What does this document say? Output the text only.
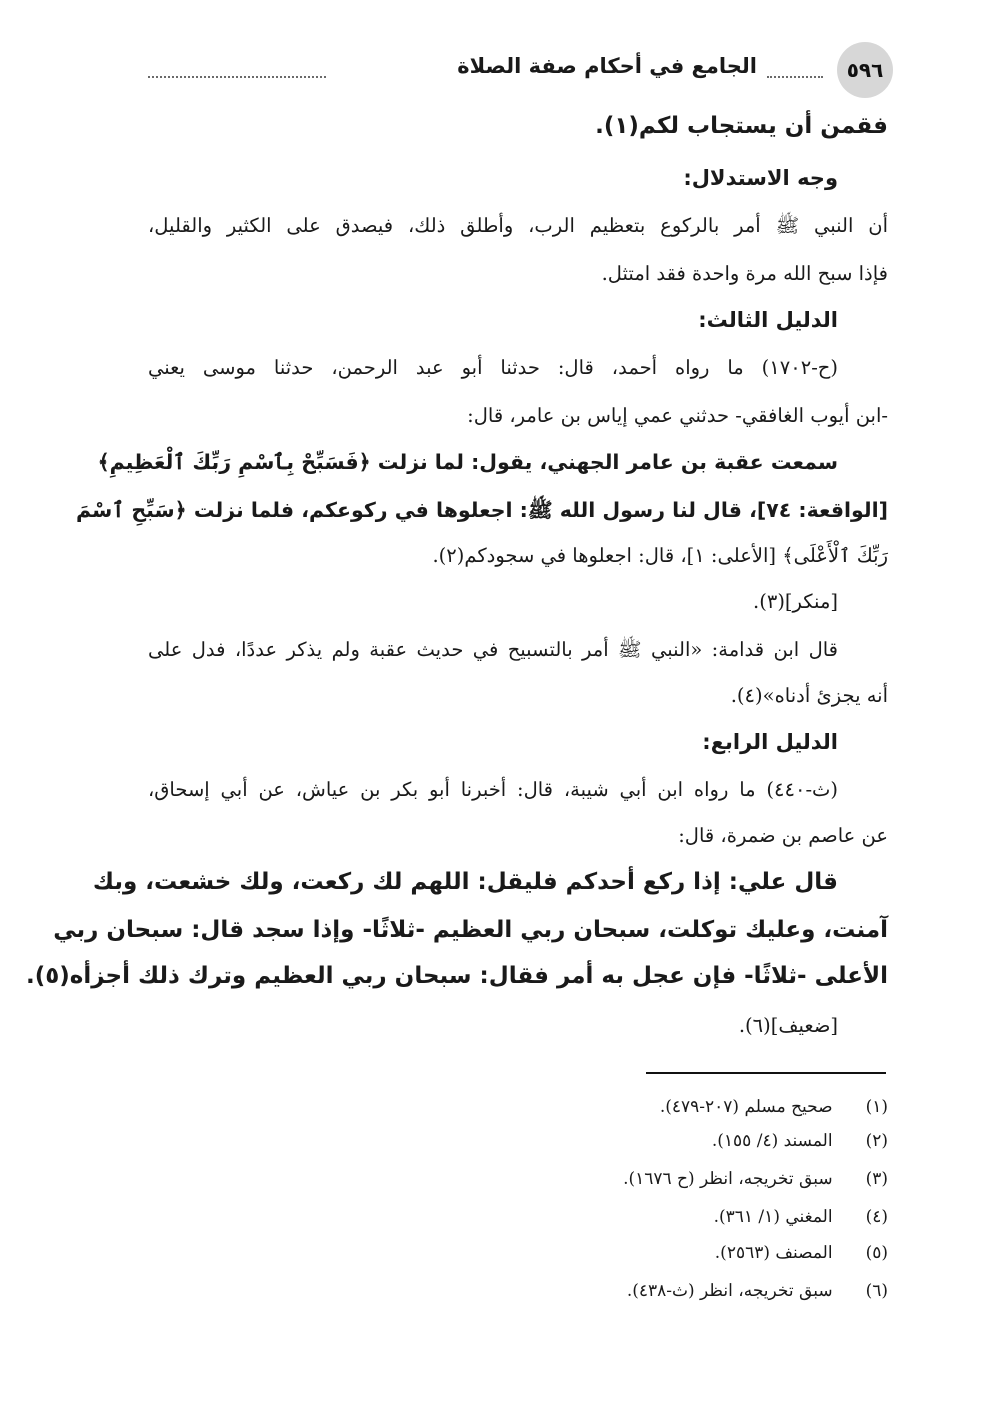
٥٩٦
الجامع في أحكام صفة الصلاة
فقمن أن يستجاب لكم(١).
وجه الاستدلال:
أن النبي ﷺ أمر بالركوع بتعظيم الرب، وأطلق ذلك، فيصدق على الكثير والقليل،
فإذا سبح الله مرة واحدة فقد امتثل.
الدليل الثالث:
(ح-١٧٠٢) ما رواه أحمد، قال: حدثنا أبو عبد الرحمن، حدثنا موسى يعني
-ابن أيوب الغافقي- حدثني عمي إياس بن عامر، قال:
سمعت عقبة بن عامر الجهني، يقول: لما نزلت ﴿فَسَبِّحْ بِٱسْمِ رَبِّكَ ٱلْعَظِيمِ﴾
[الواقعة: ٧٤]، قال لنا رسول الله ﷺ: اجعلوها في ركوعكم، فلما نزلت ﴿سَبِّحِ ٱسْمَ
رَبِّكَ ٱلْأَعْلَى﴾ [الأعلى: ١]، قال: اجعلوها في سجودكم(٢).
[منكر](٣).
قال ابن قدامة: «النبي ﷺ أمر بالتسبيح في حديث عقبة ولم يذكر عددًا، فدل على
أنه يجزئ أدناه»(٤).
الدليل الرابع:
(ث-٤٤٠) ما رواه ابن أبي شيبة، قال: أخبرنا أبو بكر بن عياش، عن أبي إسحاق،
عن عاصم بن ضمرة، قال:
قال علي: إذا ركع أحدكم فليقل: اللهم لك ركعت، ولك خشعت، وبك
آمنت، وعليك توكلت، سبحان ربي العظيم -ثلاثًا- وإذا سجد قال: سبحان ربي
الأعلى -ثلاثًا- فإن عجل به أمر فقال: سبحان ربي العظيم وترك ذلك أجزأه(٥).
[ضعيف](٦).
(١) صحيح مسلم (٢٠٧-٤٧٩).
(٢) المسند (٤/ ١٥٥).
(٣) سبق تخريجه، انظر (ح ١٦٧٦).
(٤) المغني (١/ ٣٦١).
(٥) المصنف (٢٥٦٣).
(٦) سبق تخريجه، انظر (ث-٤٣٨).
